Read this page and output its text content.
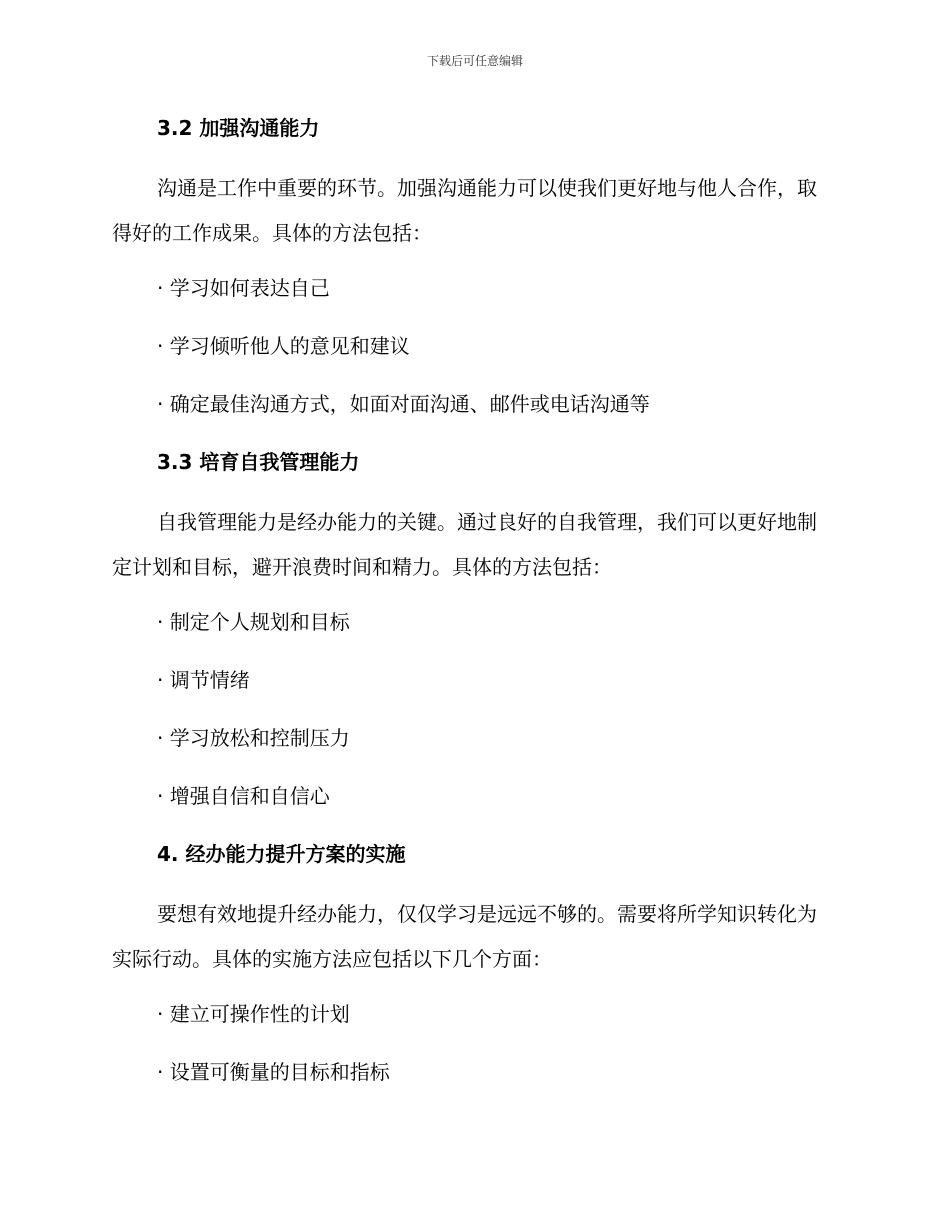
下载后可任意编辑
3.2 加强沟通能力

沟通是工作中重要的环节。加强沟通能力可以使我们更好地与他人合作，取得好的工作成果。具体的方法包括：

· 学习如何表达自己
· 学习倾听他人的意见和建议
· 确定最佳沟通方式，如面对面沟通、邮件或电话沟通等
3.3 培育自我管理能力

自我管理能力是经办能力的关键。通过良好的自我管理，我们可以更好地制定计划和目标，避开浪费时间和精力。具体的方法包括：

· 制定个人规划和目标
· 调节情绪
· 学习放松和控制压力
· 增强自信和自信心
4. 经办能力提升方案的实施

要想有效地提升经办能力，仅仅学习是远远不够的。需要将所学知识转化为实际行动。具体的实施方法应包括以下几个方面：

· 建立可操作性的计划
· 设置可衡量的目标和指标
